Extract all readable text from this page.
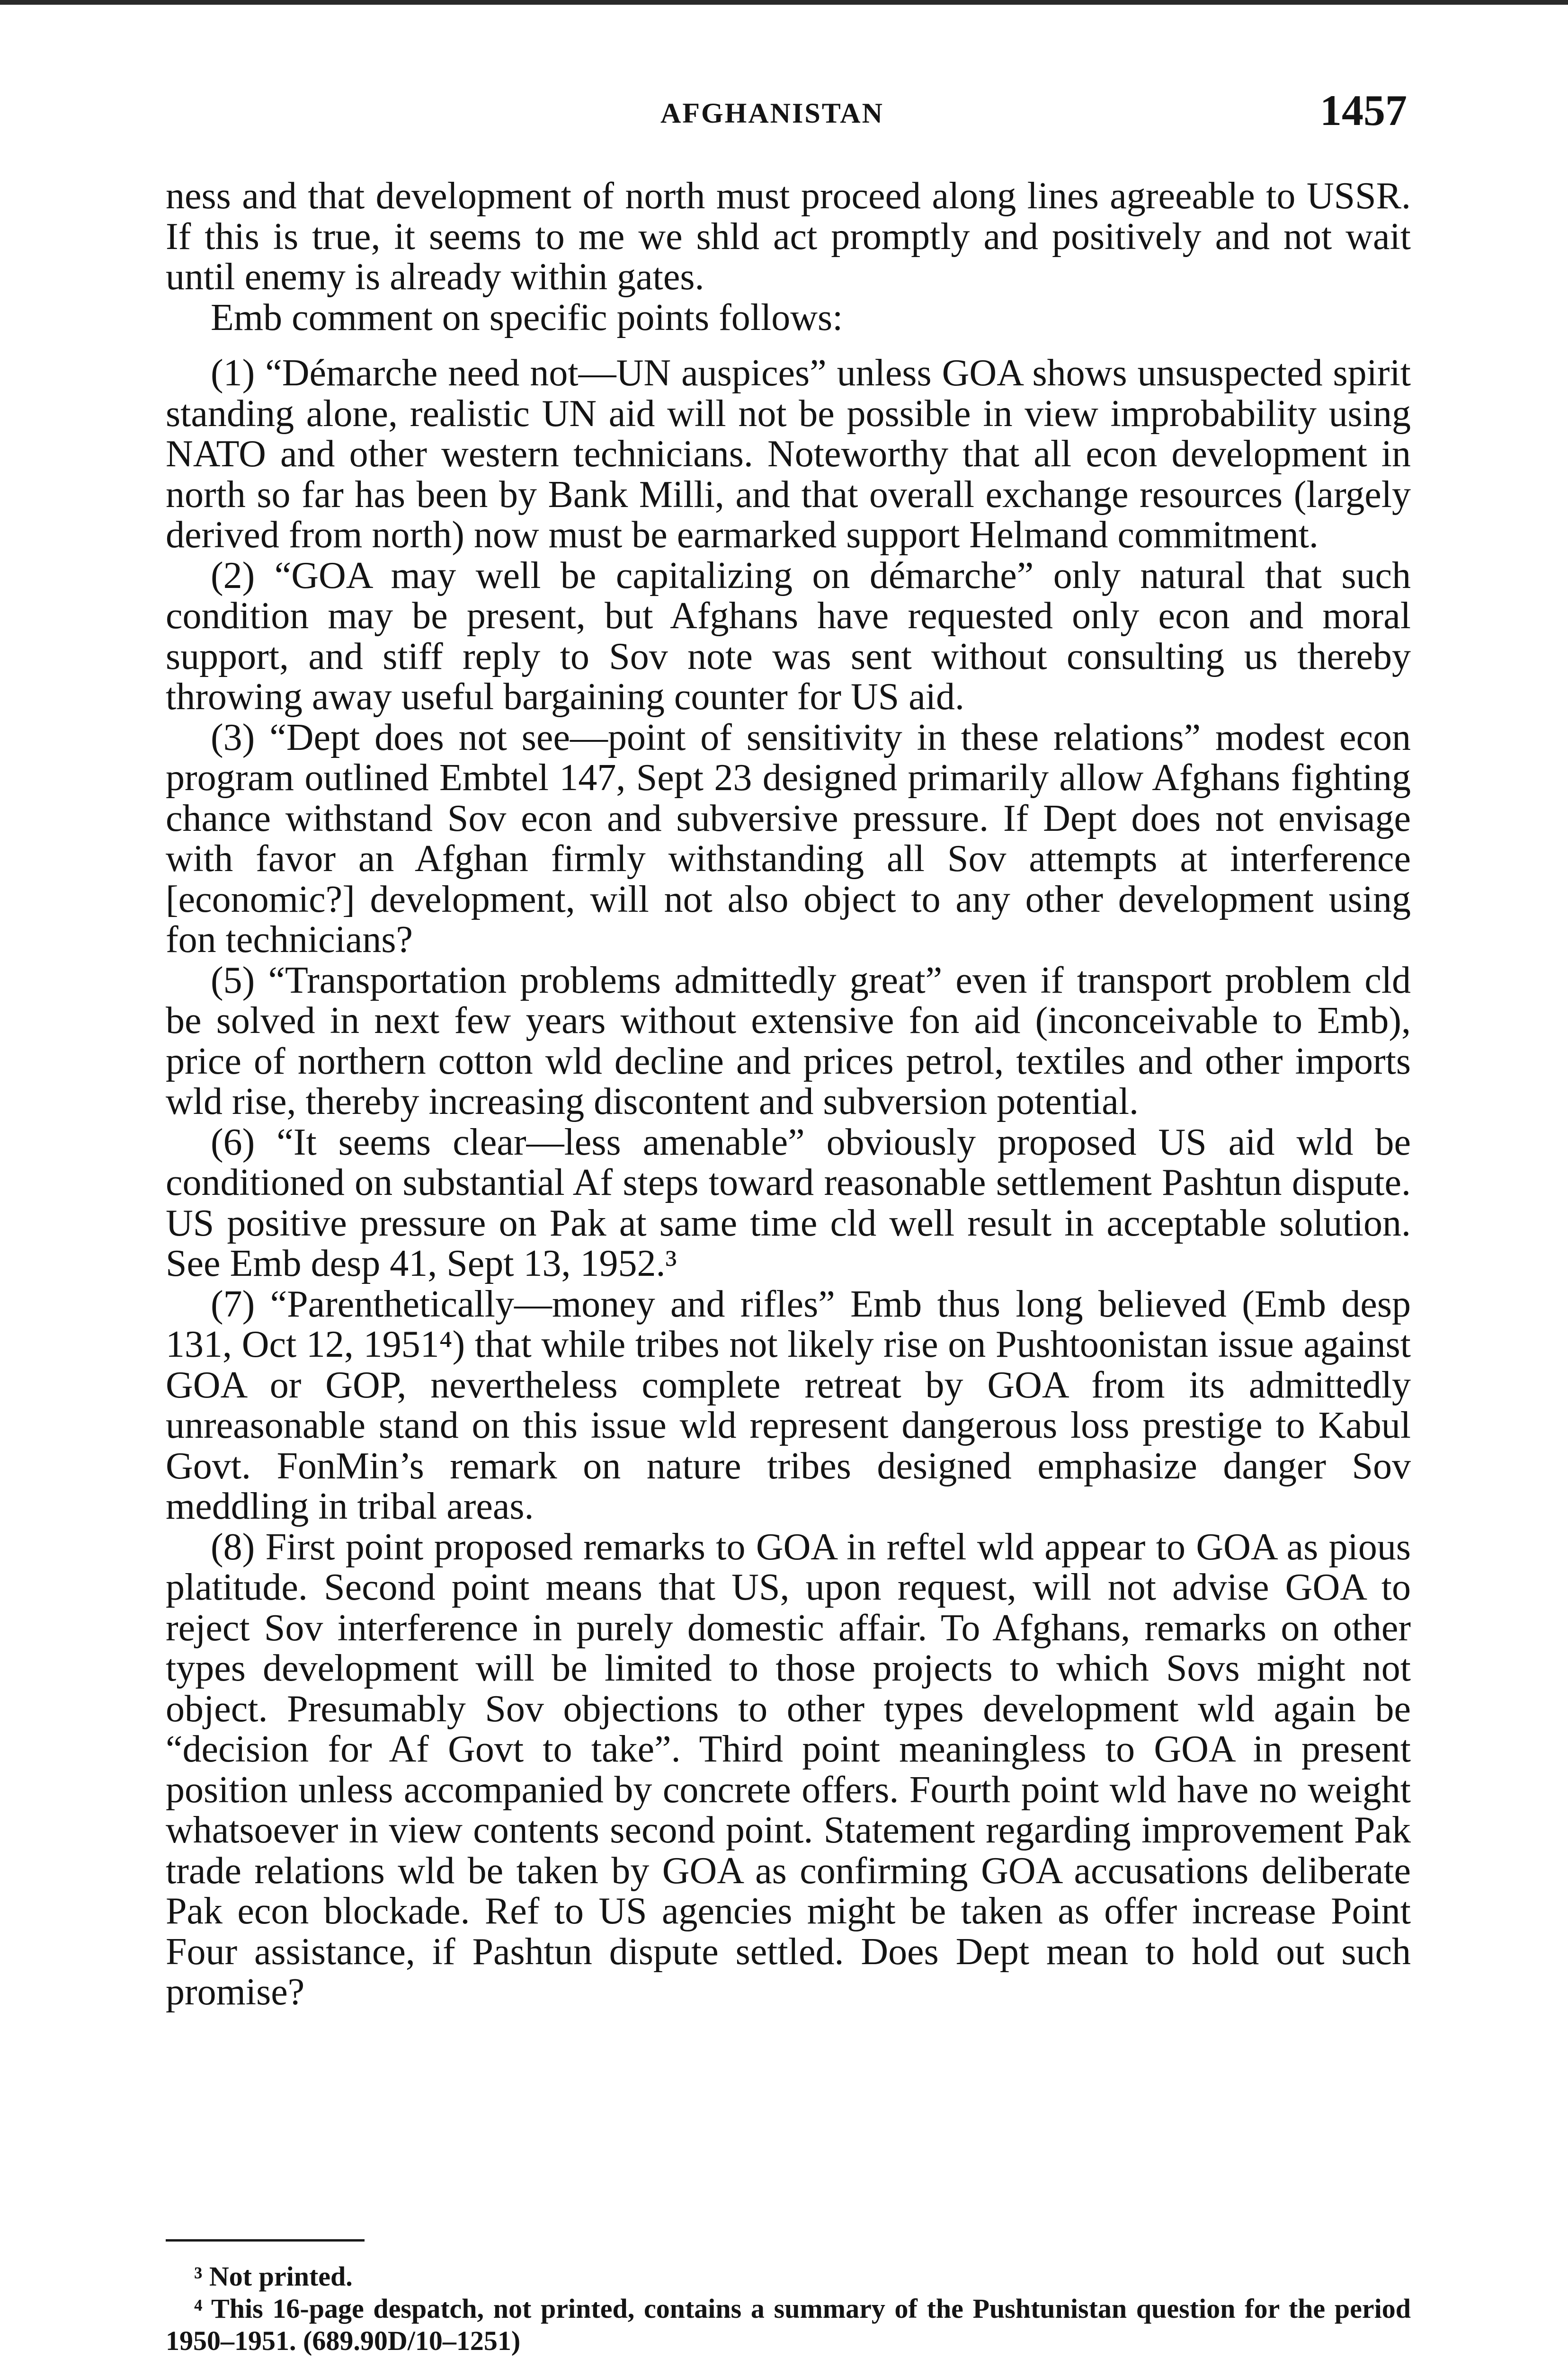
AFGHANISTAN	1457

ness and that development of north must proceed along lines agreeable to USSR. If this is true, it seems to me we shld act promptly and positively and not wait until enemy is already within gates.

Emb comment on specific points follows:

(1) “Démarche need not—UN auspices” unless GOA shows unsuspected spirit standing alone, realistic UN aid will not be possible in view improbability using NATO and other western technicians. Noteworthy that all econ development in north so far has been by Bank Milli, and that overall exchange resources (largely derived from north) now must be earmarked support Helmand commitment.

(2) “GOA may well be capitalizing on démarche” only natural that such condition may be present, but Afghans have requested only econ and moral support, and stiff reply to Sov note was sent without consulting us thereby throwing away useful bargaining counter for US aid.

(3) “Dept does not see—point of sensitivity in these relations” modest econ program outlined Embtel 147, Sept 23 designed primarily allow Afghans fighting chance withstand Sov econ and subversive pressure. If Dept does not envisage with favor an Afghan firmly withstanding all Sov attempts at interference [economic?] development, will not also object to any other development using fon technicians?

(5) “Transportation problems admittedly great” even if transport problem cld be solved in next few years without extensive fon aid (inconceivable to Emb), price of northern cotton wld decline and prices petrol, textiles and other imports wld rise, thereby increasing discontent and subversion potential.

(6) “It seems clear—less amenable” obviously proposed US aid wld be conditioned on substantial Af steps toward reasonable settlement Pashtun dispute. US positive pressure on Pak at same time cld well result in acceptable solution. See Emb desp 41, Sept 13, 1952.³

(7) “Parenthetically—money and rifles” Emb thus long believed (Emb desp 131, Oct 12, 1951⁴) that while tribes not likely rise on Pushtoonistan issue against GOA or GOP, nevertheless complete retreat by GOA from its admittedly unreasonable stand on this issue wld represent dangerous loss prestige to Kabul Govt. FonMin’s remark on nature tribes designed emphasize danger Sov meddling in tribal areas.

(8) First point proposed remarks to GOA in reftel wld appear to GOA as pious platitude. Second point means that US, upon request, will not advise GOA to reject Sov interference in purely domestic affair. To Afghans, remarks on other types development will be limited to those projects to which Sovs might not object. Presumably Sov objections to other types development wld again be “decision for Af Govt to take”. Third point meaningless to GOA in present position unless accompanied by concrete offers. Fourth point wld have no weight whatsoever in view contents second point. Statement regarding improvement Pak trade relations wld be taken by GOA as confirming GOA accusations deliberate Pak econ blockade. Ref to US agencies might be taken as offer increase Point Four assistance, if Pashtun dispute settled. Does Dept mean to hold out such promise?

³ Not printed.

⁴ This 16-page despatch, not printed, contains a summary of the Pushtunistan question for the period 1950–1951. (689.90D/10–1251)
